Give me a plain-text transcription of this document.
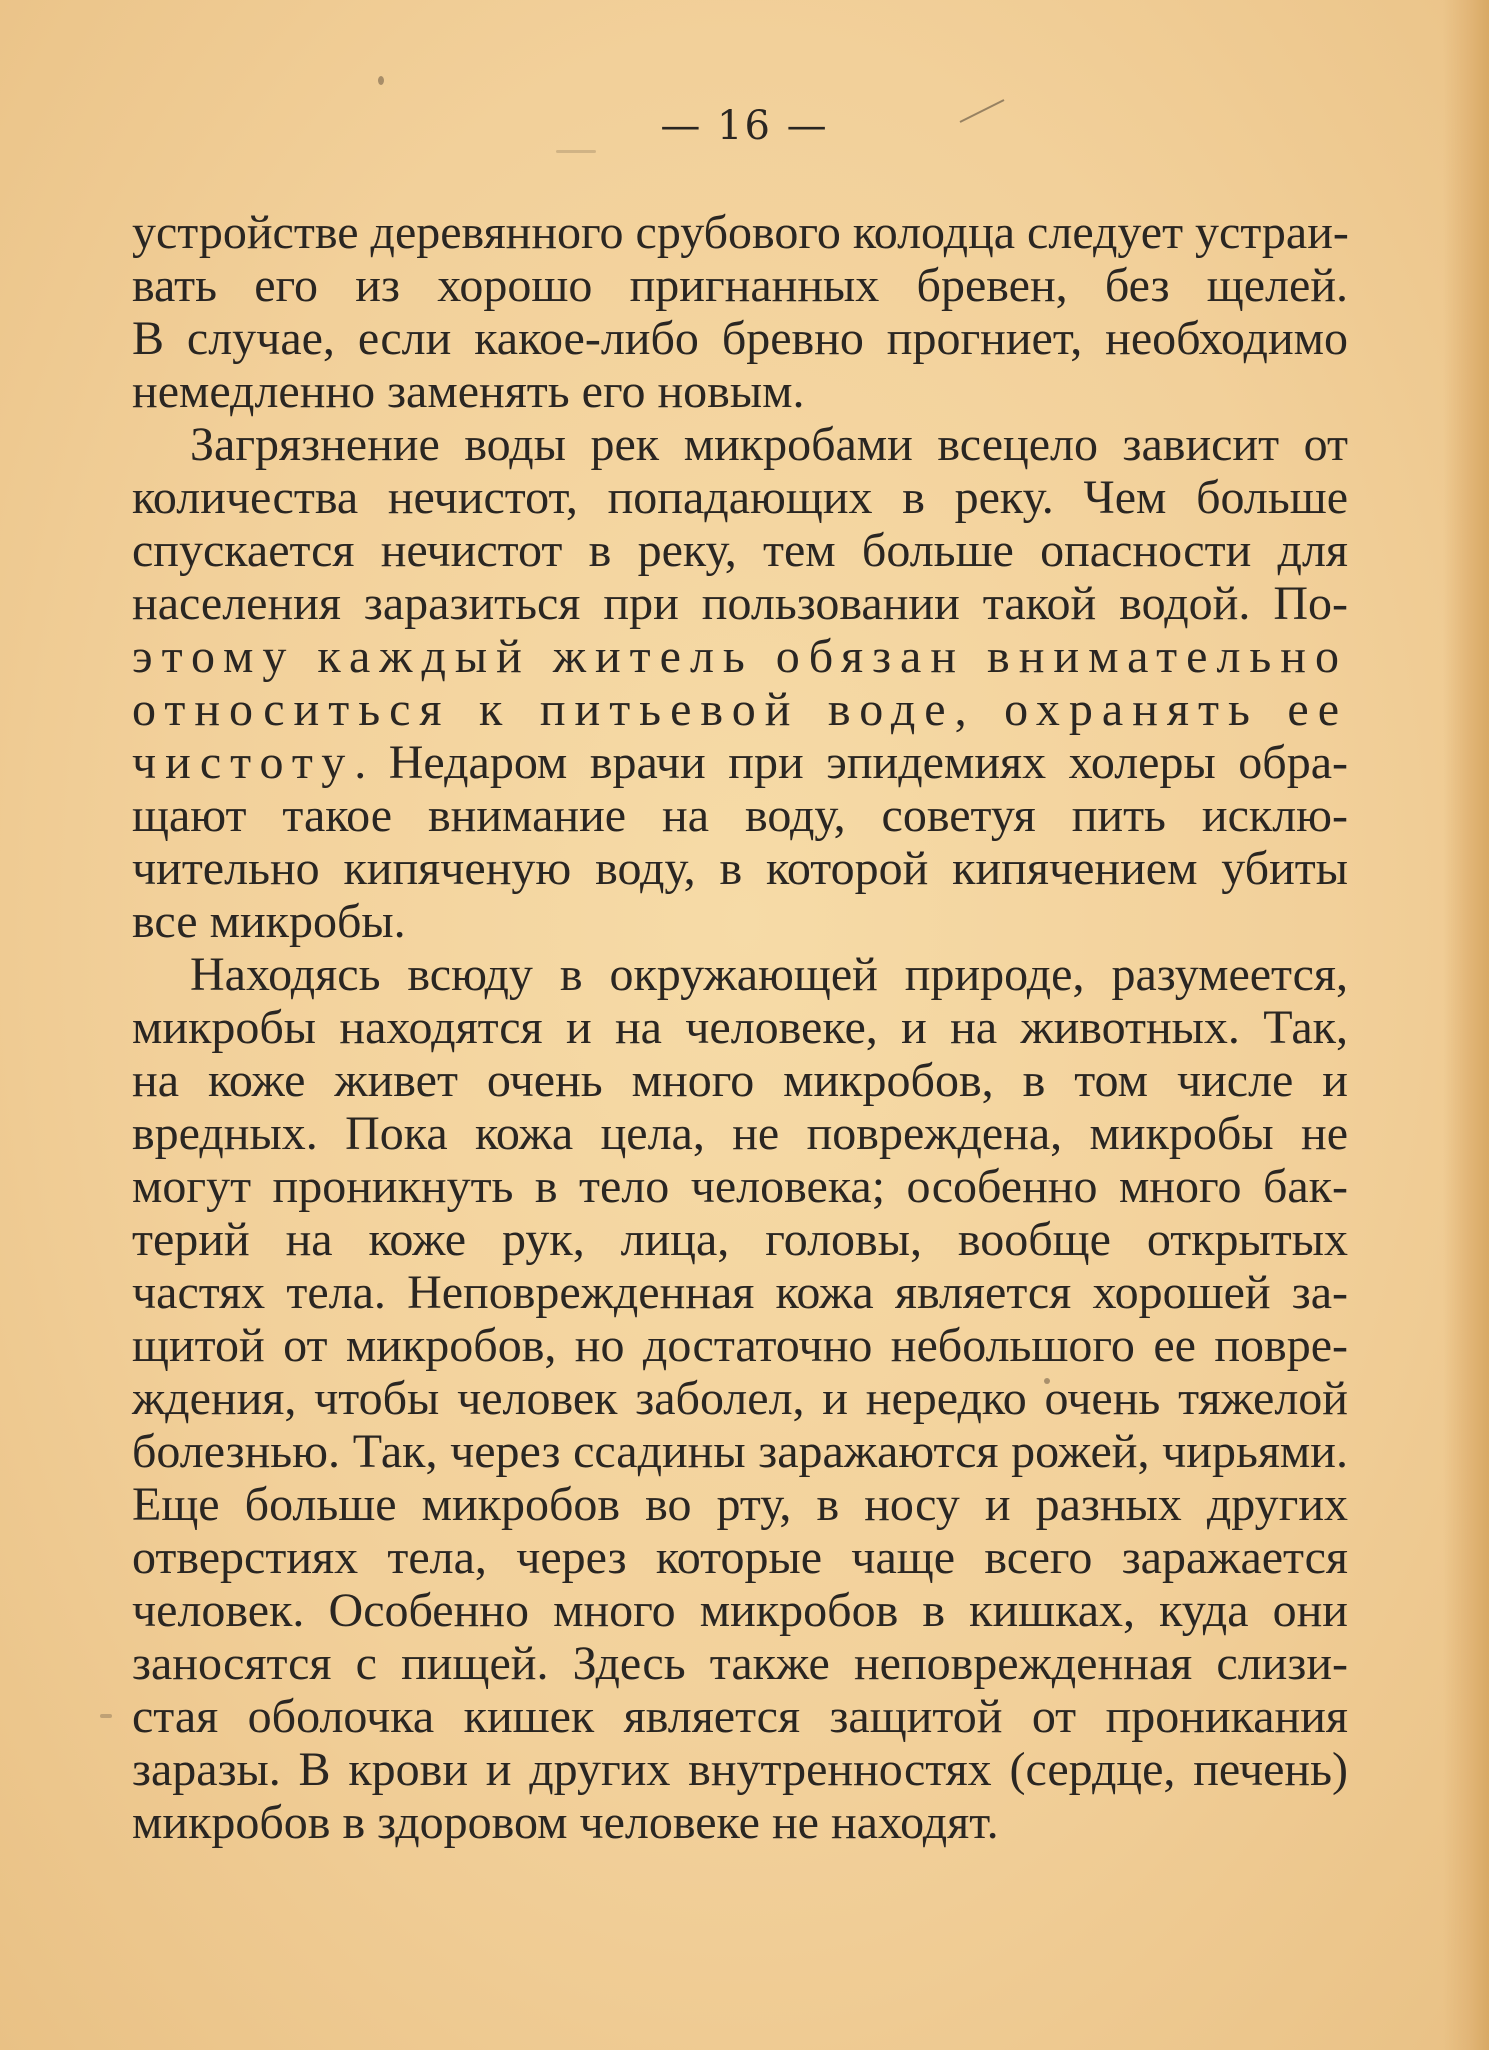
— 16 —
устройстве деревянного срубового колодца следует устраи-
вать его из хорошо пригнанных бревен, без щелей.
В случае, если какое-либо бревно прогниет, необходимо
немедленно заменять его новым.
Загрязнение воды рек микробами всецело зависит от
количества нечистот, попадающих в реку. Чем больше
спускается нечистот в реку, тем больше опасности для
населения заразиться при пользовании такой водой. По-
этому каждый житель обязан внимательно
относиться к питьевой воде, охранять ее
чистоту. Недаром врачи при эпидемиях холеры обра-
щают такое внимание на воду, советуя пить исклю-
чительно кипяченую воду, в которой кипячением убиты
все микробы.
Находясь всюду в окружающей природе, разумеется,
микробы находятся и на человеке, и на животных. Так,
на коже живет очень много микробов, в том числе и
вредных. Пока кожа цела, не повреждена, микробы не
могут проникнуть в тело человека; особенно много бак-
терий на коже рук, лица, головы, вообще открытых
частях тела. Неповрежденная кожа является хорошей за-
щитой от микробов, но достаточно небольшого ее повре-
ждения, чтобы человек заболел, и нередко очень тяжелой
болезнью. Так, через ссадины заражаются рожей, чирьями.
Еще больше микробов во рту, в носу и разных других
отверстиях тела, через которые чаще всего заражается
человек. Особенно много микробов в кишках, куда они
заносятся с пищей. Здесь также неповрежденная слизи-
стая оболочка кишек является защитой от проникания
заразы. В крови и других внутренностях (сердце, печень)
микробов в здоровом человеке не находят.
